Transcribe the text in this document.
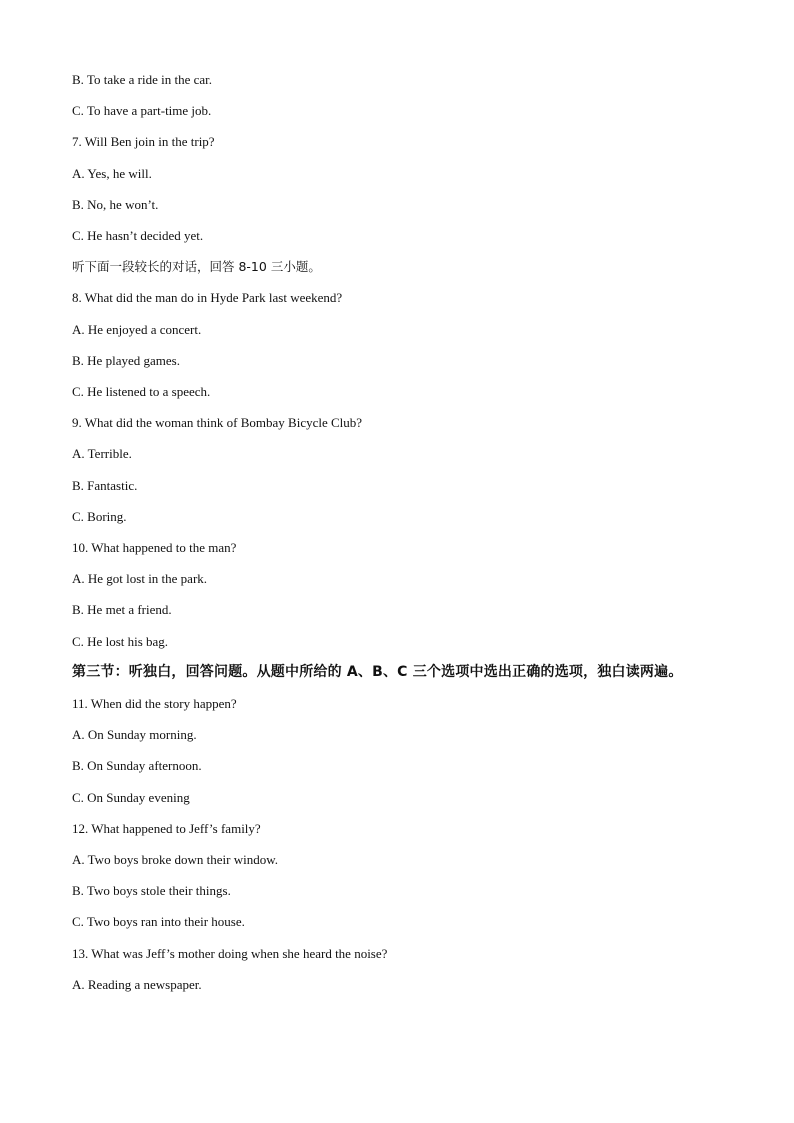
B. To take a ride in the car.
C. To have a part-time job.
7. Will Ben join in the trip?
A. Yes, he will.
B. No, he won’t.
C. He hasn’t decided yet.
听下面一段较长的对话，回答 8-10 三小题。
8. What did the man do in Hyde Park last weekend?
A. He enjoyed a concert.
B. He played games.
C. He listened to a speech.
9. What did the woman think of Bombay Bicycle Club?
A. Terrible.
B. Fantastic.
C. Boring.
10. What happened to the man?
A. He got lost in the park.
B. He met a friend.
C. He lost his bag.
第三节：听独白，回答问题。从题中所给的 A、B、C 三个选项中选出正确的选项，独白读两遍。
11. When did the story happen?
A. On Sunday morning.
B. On Sunday afternoon.
C. On Sunday evening
12. What happened to Jeff’s family?
A. Two boys broke down their window.
B. Two boys stole their things.
C. Two boys ran into their house.
13. What was Jeff’s mother doing when she heard the noise?
A. Reading a newspaper.
